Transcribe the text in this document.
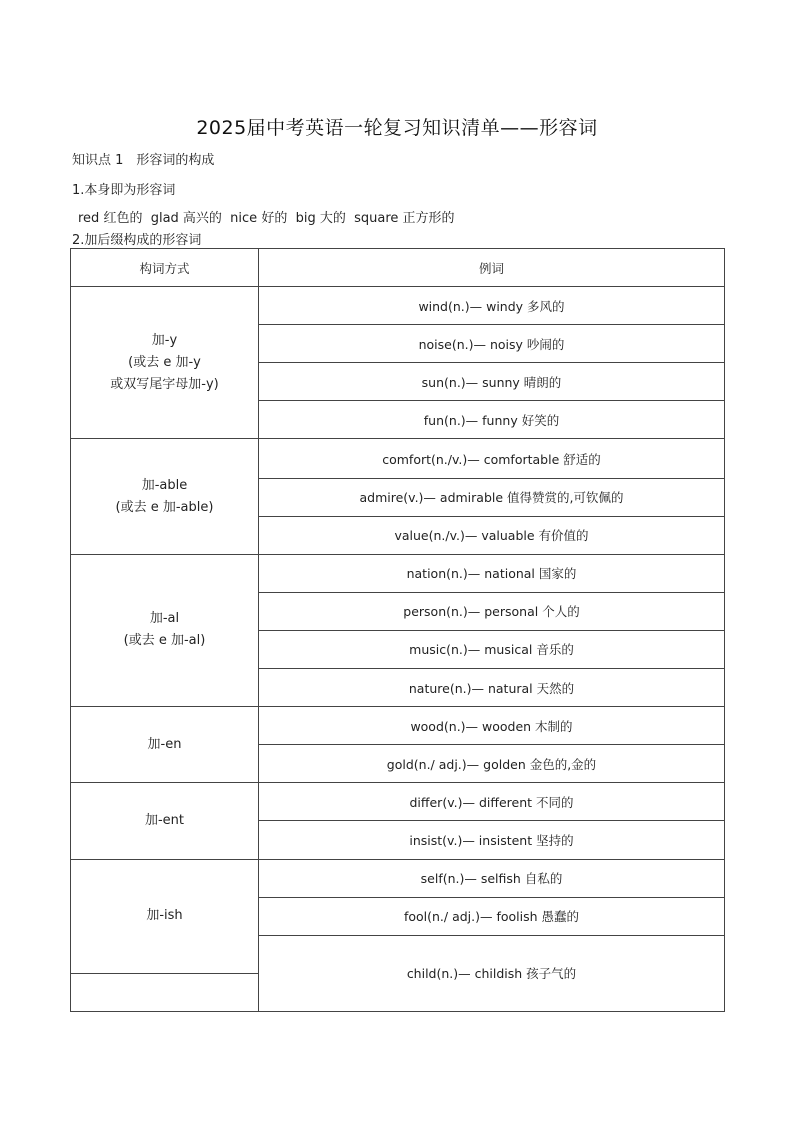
2025届中考英语一轮复习知识清单——形容词
知识点 1　形容词的构成
1.本身即为形容词
red 红色的  glad 高兴的  nice 好的  big 大的  square 正方形的
2.加后缀构成的形容词
构词方式	例词

加-y
(或去 e 加-y
或双写尾字母加-y)	wind(n.)— windy 多风的
	noise(n.)— noisy 吵闹的
	sun(n.)— sunny 晴朗的
	fun(n.)— funny 好笑的

加-able
(或去 e 加-able)	comfort(n./v.)— comfortable 舒适的
	admire(v.)— admirable 值得赞赏的,可钦佩的
	value(n./v.)— valuable 有价值的

加-al
(或去 e 加-al)	nation(n.)— national 国家的
	person(n.)— personal 个人的
	music(n.)— musical 音乐的
	nature(n.)— natural 天然的

加-en	wood(n.)— wooden 木制的
	gold(n./ adj.)— golden 金色的,金的

加-ent	differ(v.)— different 不同的
	insist(v.)— insistent 坚持的

加-ish	self(n.)— selfish 自私的
	fool(n./ adj.)— foolish 愚蠢的
	child(n.)— childish 孩子气的
